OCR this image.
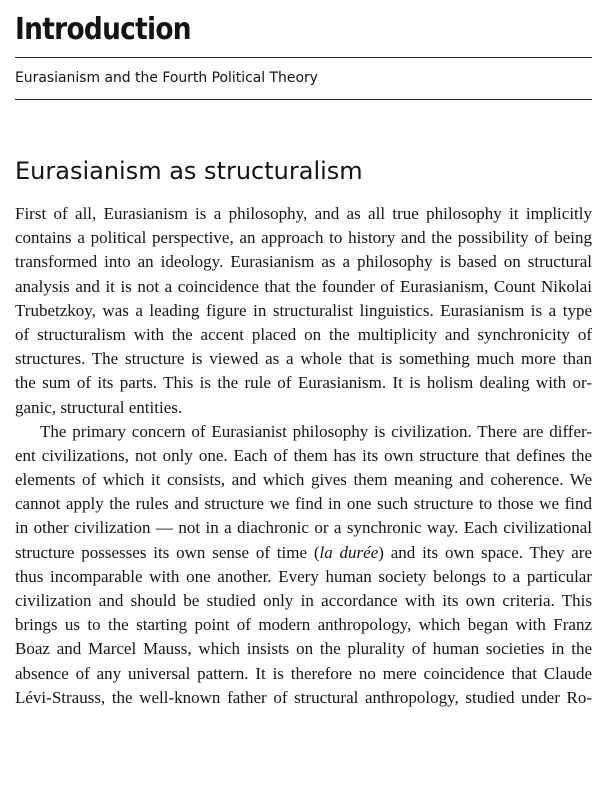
Introduction
Eurasianism and the Fourth Political Theory
Eurasianism as structuralism
First of all, Eurasianism is a philosophy, and as all true philosophy it implicitly
contains a political perspective, an approach to history and the possibility of being
transformed into an ideology. Eurasianism as a philosophy is based on structural
analysis and it is not a coincidence that the founder of Eurasianism, Count Nikolai
Trubetzkoy, was a leading figure in structuralist linguistics. Eurasianism is a type
of structuralism with the accent placed on the multiplicity and synchronicity of
structures. The structure is viewed as a whole that is something much more than
the sum of its parts. This is the rule of Eurasianism. It is holism dealing with or-
ganic, structural entities.
The primary concern of Eurasianist philosophy is civilization. There are differ-
ent civilizations, not only one. Each of them has its own structure that defines the
elements of which it consists, and which gives them meaning and coherence. We
cannot apply the rules and structure we find in one such structure to those we find
in other civilization — not in a diachronic or a synchronic way. Each civilizational
structure possesses its own sense of time (la durée) and its own space. They are
thus incomparable with one another. Every human society belongs to a particular
civilization and should be studied only in accordance with its own criteria. This
brings us to the starting point of modern anthropology, which began with Franz
Boaz and Marcel Mauss, which insists on the plurality of human societies in the
absence of any universal pattern. It is therefore no mere coincidence that Claude
Lévi-Strauss, the well-known father of structural anthropology, studied under Ro-
